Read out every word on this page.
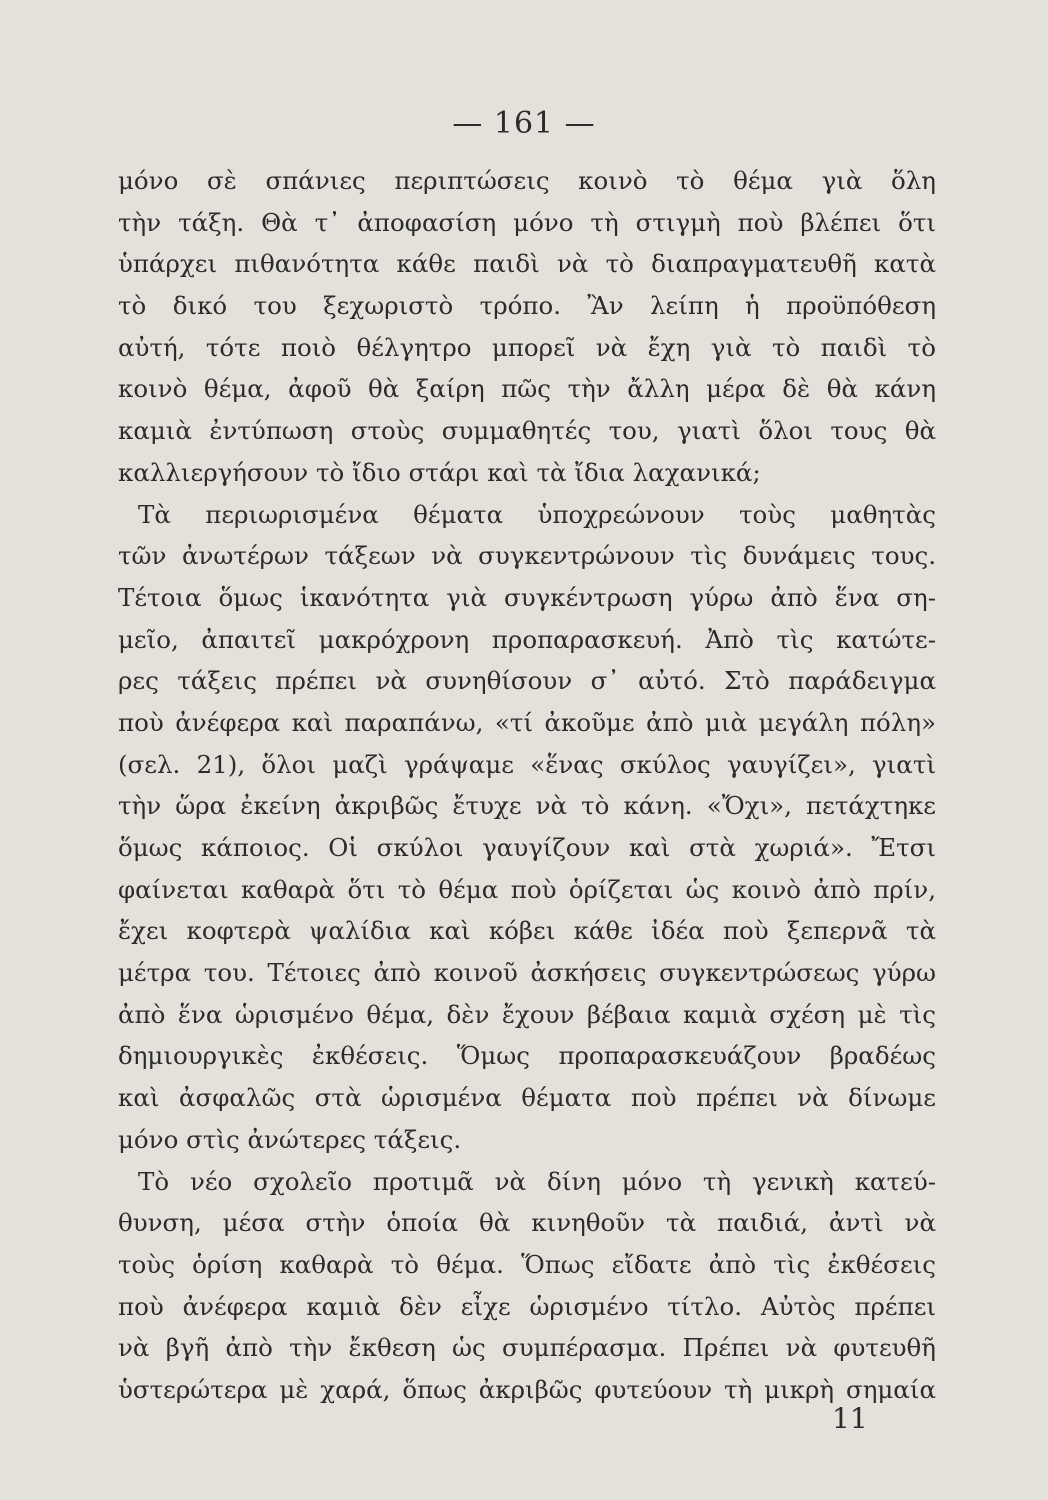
— 161 —
μόνο σὲ σπάνιες περιπτώσεις κοινὸ τὸ θέμα γιὰ ὅλη
τὴν τάξη. Θὰ τ᾿ ἀποφασίση μόνο τὴ στιγμὴ ποὺ βλέπει ὅτι
ὑπάρχει πιθανότητα κάθε παιδὶ νὰ τὸ διαπραγματευθῆ κατὰ
τὸ δικό του ξεχωριστὸ τρόπο. Ἂν λείπη ἡ προϋπόθεση
αὐτή, τότε ποιὸ θέλγητρο μπορεῖ νὰ ἔχη γιὰ τὸ παιδὶ τὸ
κοινὸ θέμα, ἀφοῦ θὰ ξαίρη πῶς τὴν ἄλλη μέρα δὲ θὰ κάνη
καμιὰ ἐντύπωση στοὺς συμμαθητές του, γιατὶ ὅλοι τους θὰ
καλλιεργήσουν τὸ ἴδιο στάρι καὶ τὰ ἴδια λαχανικά;
Τὰ περιωρισμένα θέματα ὑποχρεώνουν τοὺς μαθητὰς
τῶν ἀνωτέρων τάξεων νὰ συγκεντρώνουν τὶς δυνάμεις τους.
Τέτοια ὅμως ἱκανότητα γιὰ συγκέντρωση γύρω ἀπὸ ἕνα ση-
μεῖο, ἀπαιτεῖ μακρόχρονη προπαρασκευή. Ἀπὸ τὶς κατώτε-
ρες τάξεις πρέπει νὰ συνηθίσουν σ᾿ αὐτό. Στὸ παράδειγμα
ποὺ ἀνέφερα καὶ παραπάνω, «τί ἀκοῦμε ἀπὸ μιὰ μεγάλη πόλη»
(σελ. 21), ὅλοι μαζὶ γράψαμε «ἕνας σκύλος γαυγίζει», γιατὶ
τὴν ὥρα ἐκείνη ἀκριβῶς ἔτυχε νὰ τὸ κάνη. «Ὄχι», πετάχτηκε
ὅμως κάποιος. Οἱ σκύλοι γαυγίζουν καὶ στὰ χωριά». Ἔτσι
φαίνεται καθαρὰ ὅτι τὸ θέμα ποὺ ὁρίζεται ὡς κοινὸ ἀπὸ πρίν,
ἔχει κοφτερὰ ψαλίδια καὶ κόβει κάθε ἰδέα ποὺ ξεπερνᾶ τὰ
μέτρα του. Τέτοιες ἀπὸ κοινοῦ ἀσκήσεις συγκεντρώσεως γύρω
ἀπὸ ἕνα ὡρισμένο θέμα, δὲν ἔχουν βέβαια καμιὰ σχέση μὲ τὶς
δημιουργικὲς ἐκθέσεις. Ὅμως προπαρασκευάζουν βραδέως
καὶ ἀσφαλῶς στὰ ὡρισμένα θέματα ποὺ πρέπει νὰ δίνωμε
μόνο στὶς ἀνώτερες τάξεις.
Τὸ νέο σχολεῖο προτιμᾶ νὰ δίνη μόνο τὴ γενικὴ κατεύ-
θυνση, μέσα στὴν ὁποία θὰ κινηθοῦν τὰ παιδιά, ἀντὶ νὰ
τοὺς ὁρίση καθαρὰ τὸ θέμα. Ὅπως εἴδατε ἀπὸ τὶς ἐκθέσεις
ποὺ ἀνέφερα καμιὰ δὲν εἶχε ὡρισμένο τίτλο. Αὐτὸς πρέπει
νὰ βγῆ ἀπὸ τὴν ἔκθεση ὡς συμπέρασμα. Πρέπει νὰ φυτευθῆ
ὑστερώτερα μὲ χαρά, ὅπως ἀκριβῶς φυτεύουν τὴ μικρὴ σημαία
11
